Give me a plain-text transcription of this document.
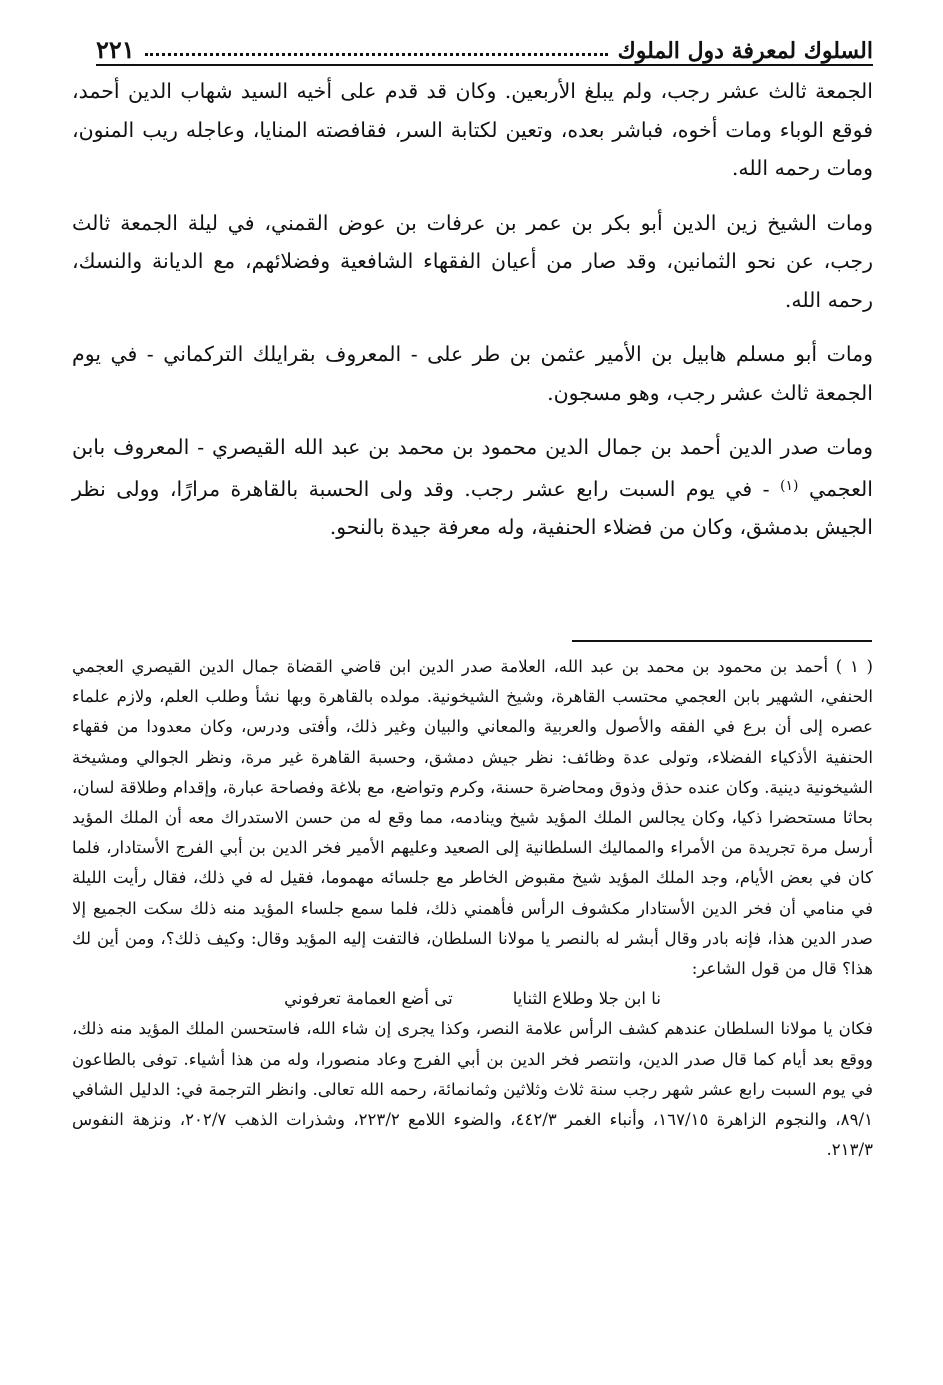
السلوك لمعرفة دول الملوك
٢٢١

الجمعة ثالث عشر رجب، ولم يبلغ الأربعين. وكان قد قدم على أخيه السيد شهاب الدين أحمد، فوقع الوباء ومات أخوه، فباشر بعده، وتعين لكتابة السر، فقافصته المنايا، وعاجله ريب المنون، ومات رحمه الله.

ومات الشيخ زين الدين أبو بكر بن عمر بن عرفات بن عوض القمني، في ليلة الجمعة ثالث رجب، عن نحو الثمانين، وقد صار من أعيان الفقهاء الشافعية وفضلائهم، مع الديانة والنسك، رحمه الله.

ومات أبو مسلم هابيل بن الأمير عثمن بن طر على - المعروف بقرايلك التركماني - في يوم الجمعة ثالث عشر رجب، وهو مسجون.

ومات صدر الدين أحمد بن جمال الدين محمود بن محمد بن عبد الله القيصري - المعروف بابن العجمي $^{(١)}$ - في يوم السبت رابع عشر رجب. وقد ولى الحسبة بالقاهرة مرارًا، وولى نظر الجيش بدمشق، وكان من فضلاء الحنفية، وله معرفة جيدة بالنحو.

( ١ ) أحمد بن محمود بن محمد بن عبد الله، العلامة صدر الدين ابن قاضي القضاة جمال الدين القيصري العجمي الحنفي، الشهير بابن العجمي محتسب القاهرة، وشيخ الشيخونية. مولده بالقاهرة وبها نشأ وطلب العلم، ولازم علماء عصره إلى أن برع في الفقه والأصول والعربية والمعاني والبيان وغير ذلك، وأفتى ودرس، وكان معدودا من فقهاء الحنفية الأذكياء الفضلاء، وتولى عدة وظائف: نظر جيش دمشق، وحسبة القاهرة غير مرة، ونظر الجوالي ومشيخة الشيخونية دينية. وكان عنده حذق وذوق ومحاضرة حسنة، وكرم وتواضع، مع بلاغة وفصاحة عبارة، وإقدام وطلاقة لسان، بحاثا مستحضرا ذكيا، وكان يجالس الملك المؤيد شيخ وينادمه، مما وقع له من حسن الاستدراك معه أن الملك المؤيد أرسل مرة تجريدة من الأمراء والمماليك السلطانية إلى الصعيد وعليهم الأمير فخر الدين بن أبي الفرج الأستادار، فلما كان في بعض الأيام، وجد الملك المؤيد شيخ مقبوض الخاطر مع جلسائه مهموما، فقيل له في ذلك، فقال رأيت الليلة في منامي أن فخر الدين الأستادار مكشوف الرأس فأهمني ذلك، فلما سمع جلساء المؤيد منه ذلك سكت الجميع إلا صدر الدين هذا، فإنه بادر وقال أبشر له بالنصر يا مولانا السلطان، فالتفت إليه المؤيد وقال: وكيف ذلك؟، ومن أين لك هذا؟ قال من قول الشاعر:

نا ابن جلا وطلاع الثنايا
تى أضع العمامة تعرفوني

فكان يا مولانا السلطان عندهم كشف الرأس علامة النصر، وكذا يجرى إن شاء الله، فاستحسن الملك المؤيد منه ذلك، ووقع بعد أيام كما قال صدر الدين، وانتصر فخر الدين بن أبي الفرج وعاد منصورا، وله من هذا أشياء. توفى بالطاعون في يوم السبت رابع عشر شهر رجب سنة ثلاث وثلاثين وثمانمائة، رحمه الله تعالى. وانظر الترجمة في: الدليل الشافي ٨٩/١، والنجوم الزاهرة ١٦٧/١٥، وأنباء الغمر ٤٤٢/٣، والضوء اللامع ٢٢٣/٢، وشذرات الذهب ٢٠٢/٧، ونزهة النفوس ٢١٣/٣.
